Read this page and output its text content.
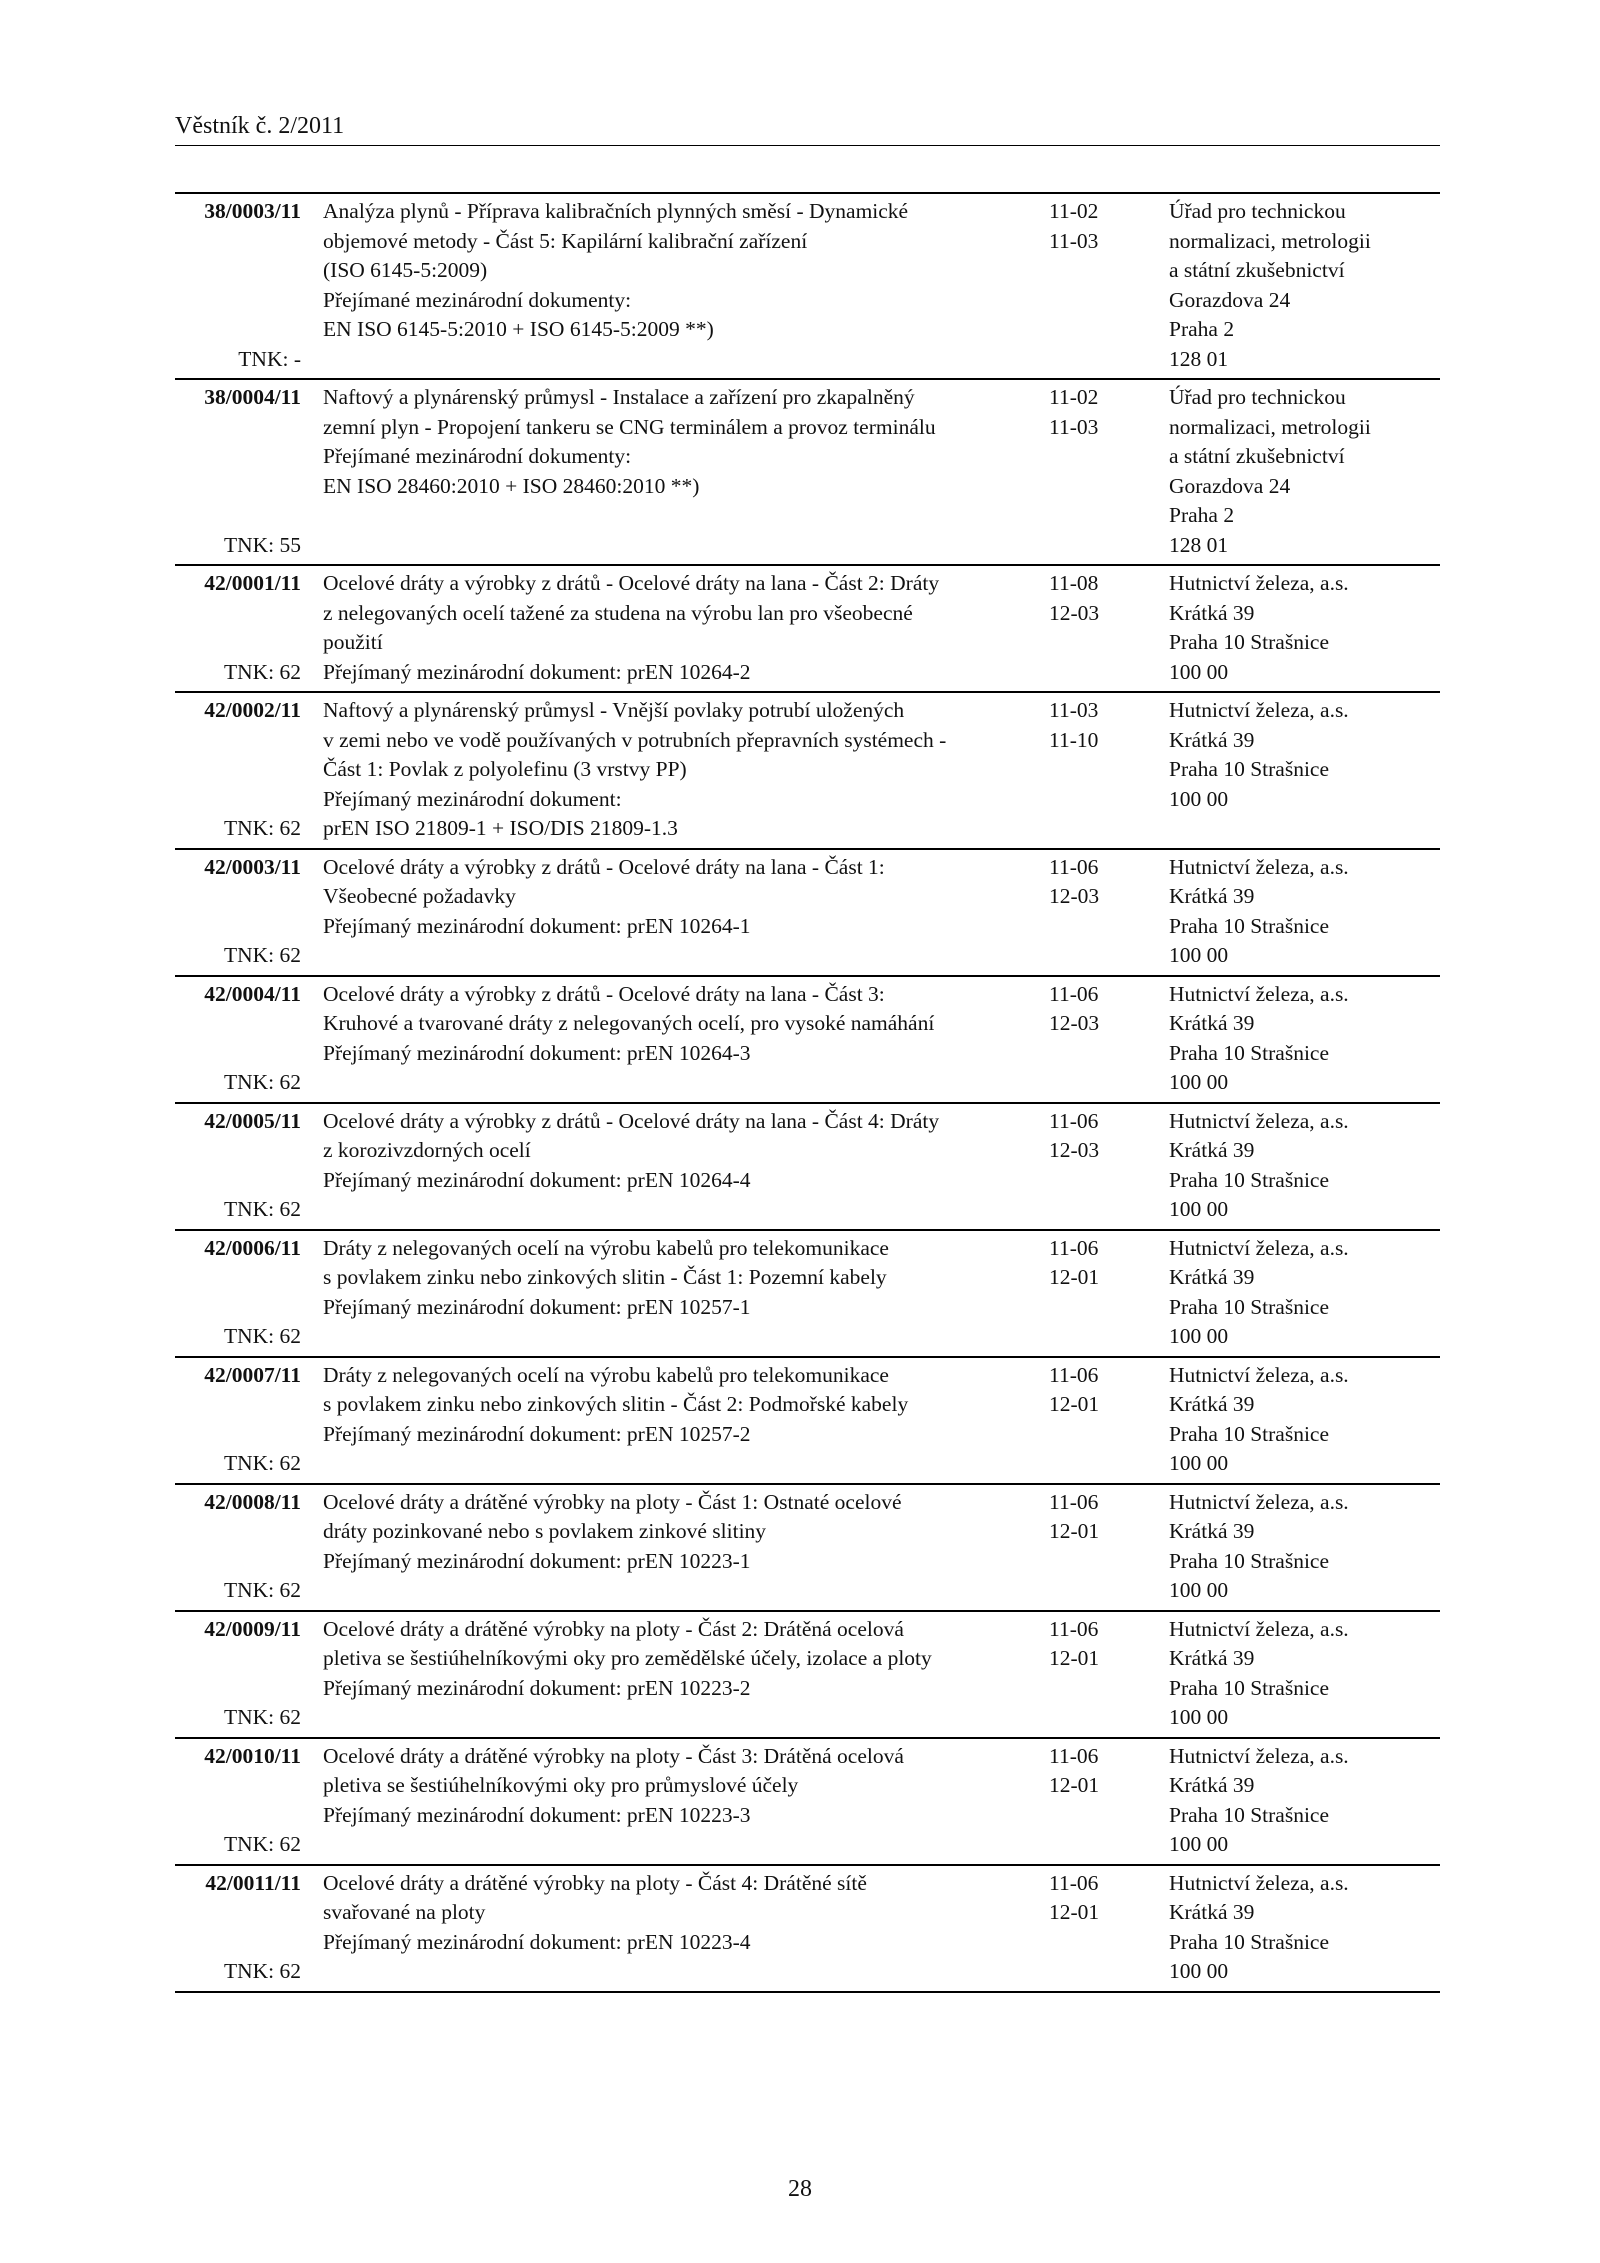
Věstník č. 2/2011
38/0003/11
TNK: -
Analýza plynů - Příprava kalibračních plynných směsí - Dynamické
objemové metody - Část 5: Kapilární kalibrační zařízení
(ISO 6145-5:2009)
Přejímané mezinárodní dokumenty:
EN ISO 6145-5:2010 + ISO 6145-5:2009 **)
11-02
11-03
Úřad pro technickou
normalizaci, metrologii
a státní zkušebnictví
Gorazdova 24
Praha 2
128 01
38/0004/11
TNK: 55
Naftový a plynárenský průmysl - Instalace a zařízení pro zkapalněný
zemní plyn - Propojení tankeru se CNG terminálem a provoz terminálu
Přejímané mezinárodní dokumenty:
EN ISO 28460:2010 + ISO 28460:2010 **)
11-02
11-03
Úřad pro technickou
normalizaci, metrologii
a státní zkušebnictví
Gorazdova 24
Praha 2
128 01
42/0001/11
TNK: 62
Ocelové dráty a výrobky z drátů - Ocelové dráty na lana - Část 2: Dráty
z nelegovaných ocelí tažené za studena na výrobu lan pro všeobecné
použití
Přejímaný mezinárodní dokument: prEN 10264-2
11-08
12-03
Hutnictví železa, a.s.
Krátká 39
Praha 10 Strašnice
100 00
42/0002/11
TNK: 62
Naftový a plynárenský průmysl - Vnější povlaky potrubí uložených
v zemi nebo ve vodě používaných v potrubních přepravních systémech -
Část 1: Povlak z polyolefinu (3 vrstvy PP)
Přejímaný mezinárodní dokument:
prEN ISO 21809-1 + ISO/DIS 21809-1.3
11-03
11-10
Hutnictví železa, a.s.
Krátká 39
Praha 10 Strašnice
100 00
42/0003/11
TNK: 62
Ocelové dráty a výrobky z drátů - Ocelové dráty na lana - Část 1:
Všeobecné požadavky
Přejímaný mezinárodní dokument: prEN 10264-1
11-06
12-03
Hutnictví železa, a.s.
Krátká 39
Praha 10 Strašnice
100 00
42/0004/11
TNK: 62
Ocelové dráty a výrobky z drátů - Ocelové dráty na lana - Část 3:
Kruhové a tvarované dráty z nelegovaných ocelí, pro vysoké namáhání
Přejímaný mezinárodní dokument: prEN 10264-3
11-06
12-03
Hutnictví železa, a.s.
Krátká 39
Praha 10 Strašnice
100 00
42/0005/11
TNK: 62
Ocelové dráty a výrobky z drátů - Ocelové dráty na lana - Část 4: Dráty
z korozivzdorných ocelí
Přejímaný mezinárodní dokument: prEN 10264-4
11-06
12-03
Hutnictví železa, a.s.
Krátká 39
Praha 10 Strašnice
100 00
42/0006/11
TNK: 62
Dráty z nelegovaných ocelí na výrobu kabelů pro telekomunikace
s povlakem zinku nebo zinkových slitin - Část 1: Pozemní kabely
Přejímaný mezinárodní dokument: prEN 10257-1
11-06
12-01
Hutnictví železa, a.s.
Krátká 39
Praha 10 Strašnice
100 00
42/0007/11
TNK: 62
Dráty z nelegovaných ocelí na výrobu kabelů pro telekomunikace
s povlakem zinku nebo zinkových slitin - Část 2: Podmořské kabely
Přejímaný mezinárodní dokument: prEN 10257-2
11-06
12-01
Hutnictví železa, a.s.
Krátká 39
Praha 10 Strašnice
100 00
42/0008/11
TNK: 62
Ocelové dráty a drátěné výrobky na ploty - Část 1: Ostnaté ocelové
dráty pozinkované nebo s povlakem zinkové slitiny
Přejímaný mezinárodní dokument: prEN 10223-1
11-06
12-01
Hutnictví železa, a.s.
Krátká 39
Praha 10 Strašnice
100 00
42/0009/11
TNK: 62
Ocelové dráty a drátěné výrobky na ploty - Část 2: Drátěná ocelová
pletiva se šestiúhelníkovými oky pro zemědělské účely, izolace a ploty
Přejímaný mezinárodní dokument: prEN 10223-2
11-06
12-01
Hutnictví železa, a.s.
Krátká 39
Praha 10 Strašnice
100 00
42/0010/11
TNK: 62
Ocelové dráty a drátěné výrobky na ploty - Část 3: Drátěná ocelová
pletiva se šestiúhelníkovými oky pro průmyslové účely
Přejímaný mezinárodní dokument: prEN 10223-3
11-06
12-01
Hutnictví železa, a.s.
Krátká 39
Praha 10 Strašnice
100 00
42/0011/11
TNK: 62
Ocelové dráty a drátěné výrobky na ploty - Část 4: Drátěné sítě
svařované na ploty
Přejímaný mezinárodní dokument: prEN 10223-4
11-06
12-01
Hutnictví železa, a.s.
Krátká 39
Praha 10 Strašnice
100 00
28
